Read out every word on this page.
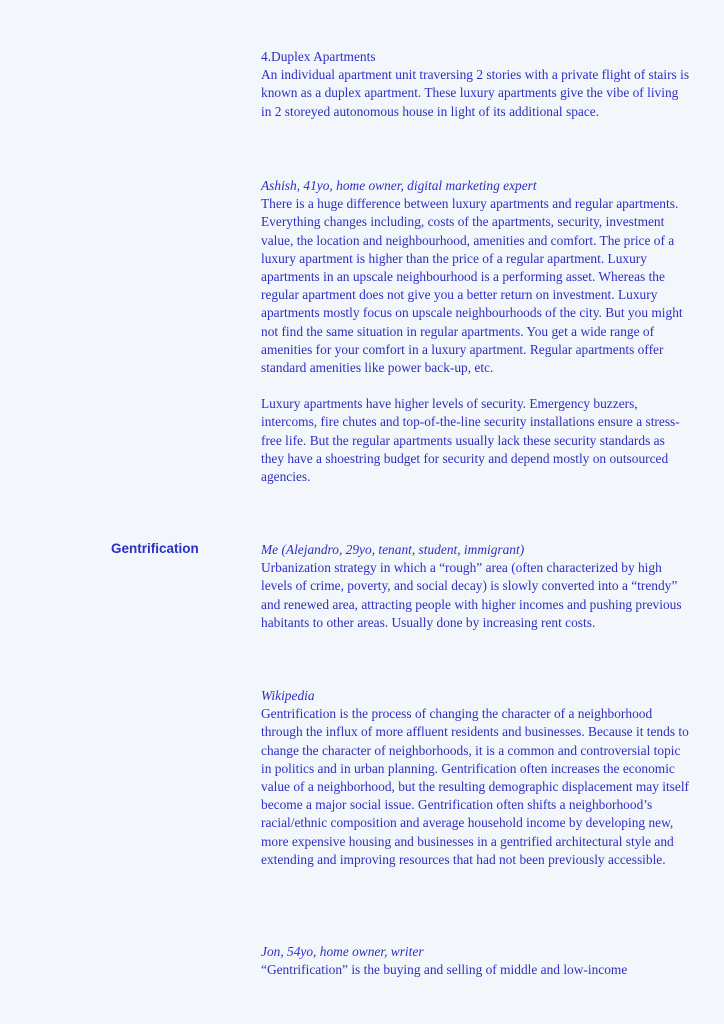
4.Duplex Apartments

An individual apartment unit traversing 2 stories with a private flight of stairs is known as a duplex apartment. These luxury apartments give the vibe of living in 2 storeyed autonomous house in light of its additional space.

Ashish, 41yo, home owner, digital marketing expert

There is a huge difference between luxury apartments and regular apartments. Everything changes including, costs of the apartments, security, investment value, the location and neighbourhood, amenities and comfort. The price of a luxury apartment is higher than the price of a regular apartment. Luxury apartments in an upscale neighbourhood is a performing asset. Whereas the regular apartment does not give you a better return on investment. Luxury apartments mostly focus on upscale neighbourhoods of the city. But you might not find the same situation in regular apartments. You get a wide range of amenities for your comfort in a luxury apartment. Regular apartments offer standard amenities like power back-up, etc.

Luxury apartments have higher levels of security. Emergency buzzers, intercoms, fire chutes and top-of-the-line security installations ensure a stress-free life. But the regular apartments usually lack these security standards as they have a shoestring budget for security and depend mostly on outsourced agencies.

Gentrification	Me (Alejandro, 29yo, tenant, student, immigrant)

Urbanization strategy in which a “rough” area (often characterized by high levels of crime, poverty, and social decay) is slowly converted into a “trendy” and renewed area, attracting people with higher incomes and pushing previous habitants to other areas. Usually done by increasing rent costs.

Wikipedia

Gentrification is the process of changing the character of a neighborhood through the influx of more affluent residents and businesses. Because it tends to change the character of neighborhoods, it is a common and controversial topic in politics and in urban planning. Gentrification often increases the economic value of a neighborhood, but the resulting demographic displacement may itself become a major social issue. Gentrification often shifts a neighborhood’s racial/ethnic composition and average household income by developing new, more expensive housing and businesses in a gentrified architectural style and extending and improving resources that had not been previously accessible.

Jon, 54yo, home owner, writer

“Gentrification” is the buying and selling of middle and low-income
